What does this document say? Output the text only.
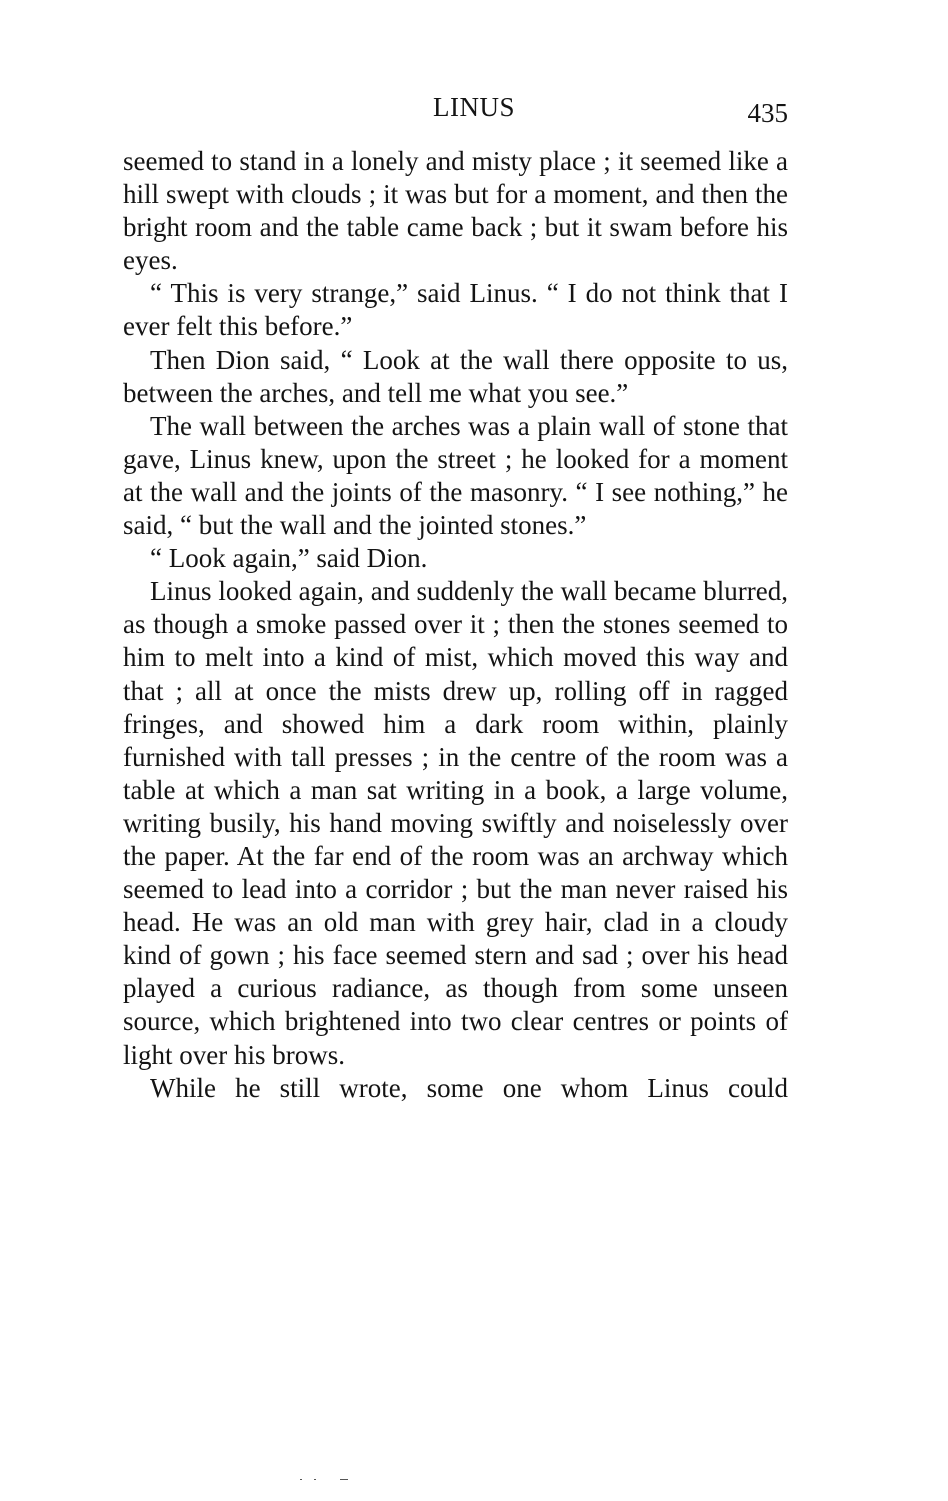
LINUS	435

seemed to stand in a lonely and misty place ; it seemed like a hill swept with clouds ; it was but for a moment, and then the bright room and the table came back ; but it swam before his eyes.

“ This is very strange,” said Linus. “ I do not think that I ever felt this before.”

Then Dion said, “ Look at the wall there opposite to us, between the arches, and tell me what you see.”

The wall between the arches was a plain wall of stone that gave, Linus knew, upon the street ; he looked for a moment at the wall and the joints of the masonry. “ I see nothing,” he said, “ but the wall and the jointed stones.”

“ Look again,” said Dion.

Linus looked again, and suddenly the wall became blurred, as though a smoke passed over it ; then the stones seemed to him to melt into a kind of mist, which moved this way and that ; all at once the mists drew up, rolling off in ragged fringes, and showed him a dark room within, plainly furnished with tall presses ; in the centre of the room was a table at which a man sat writing in a book, a large volume, writing busily, his hand moving swiftly and noiselessly over the paper. At the far end of the room was an archway which seemed to lead into a corridor ; but the man never raised his head. He was an old man with grey hair, clad in a cloudy kind of gown ; his face seemed stern and sad ; over his head played a curious radiance, as though from some unseen source, which brightened into two clear centres or points of light over his brows.

While he still wrote, some one whom Linus could
